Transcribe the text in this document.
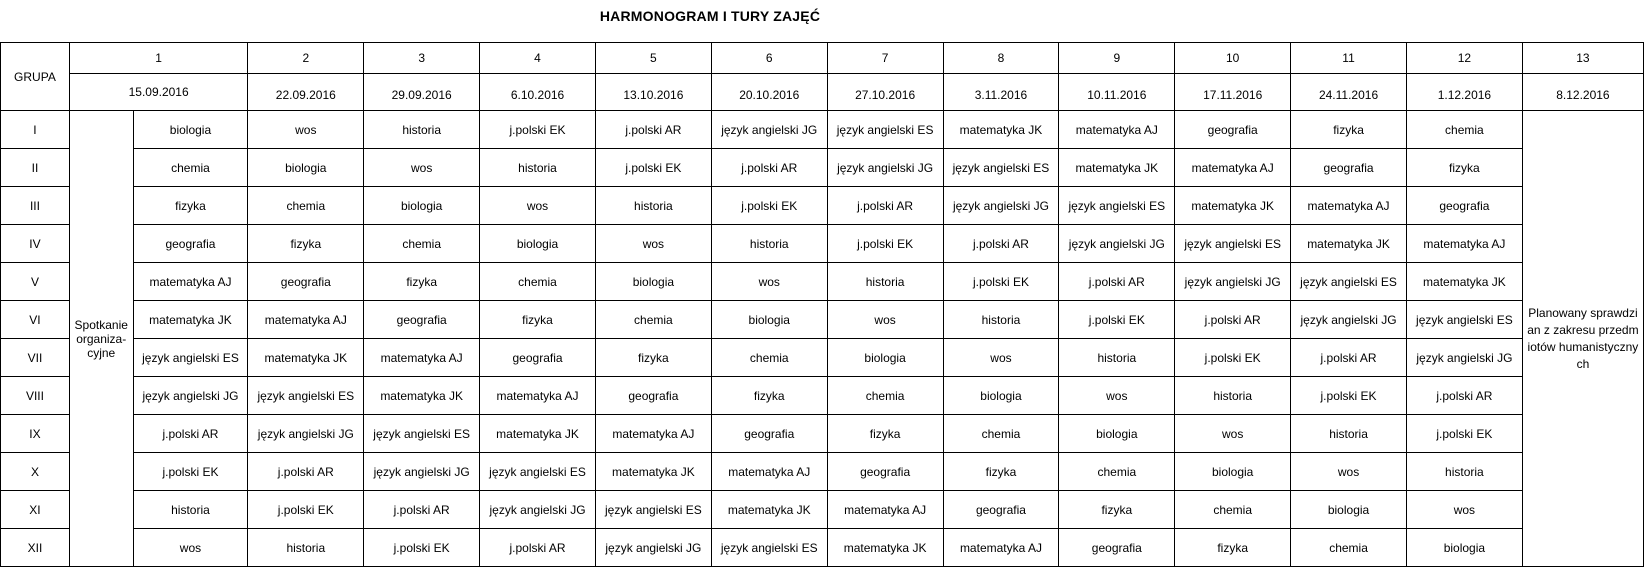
HARMONOGRAM I TURY ZAJĘĆ
GRUPA	1		2	3	4	5	6	7	8	9	10	11	12	13
	15.09.2016		22.09.2016	29.09.2016	6.10.2016	13.10.2016	20.10.2016	27.10.2016	3.11.2016	10.11.2016	17.11.2016	24.11.2016	1.12.2016	8.12.2016
I	Spotkanie organiza-cyjne	biologia	wos	historia	j.polski EK	j.polski AR	język angielski JG	język angielski ES	matematyka JK	matematyka AJ	geografia	fizyka	chemia	Planowany sprawdzian z zakresu przedmiotów humanistycznych
II		chemia	biologia	wos	historia	j.polski EK	j.polski AR	język angielski JG	język angielski ES	matematyka JK	matematyka AJ	geografia	fizyka	
III		fizyka	chemia	biologia	wos	historia	j.polski EK	j.polski AR	język angielski JG	język angielski ES	matematyka JK	matematyka AJ	geografia	
IV		geografia	fizyka	chemia	biologia	wos	historia	j.polski EK	j.polski AR	język angielski JG	język angielski ES	matematyka JK	matematyka AJ	
V		matematyka AJ	geografia	fizyka	chemia	biologia	wos	historia	j.polski EK	j.polski AR	język angielski JG	język angielski ES	matematyka JK	
VI		matematyka JK	matematyka AJ	geografia	fizyka	chemia	biologia	wos	historia	j.polski EK	j.polski AR	język angielski JG	język angielski ES	
VII		język angielski ES	matematyka JK	matematyka AJ	geografia	fizyka	chemia	biologia	wos	historia	j.polski EK	j.polski AR	język angielski JG	
VIII		język angielski JG	język angielski ES	matematyka JK	matematyka AJ	geografia	fizyka	chemia	biologia	wos	historia	j.polski EK	j.polski AR	
IX		j.polski AR	język angielski JG	język angielski ES	matematyka JK	matematyka AJ	geografia	fizyka	chemia	biologia	wos	historia	j.polski EK	
X		j.polski EK	j.polski AR	język angielski JG	język angielski ES	matematyka JK	matematyka AJ	geografia	fizyka	chemia	biologia	wos	historia	
XI		historia	j.polski EK	j.polski AR	język angielski JG	język angielski ES	matematyka JK	matematyka AJ	geografia	fizyka	chemia	biologia	wos	
XII		wos	historia	j.polski EK	j.polski AR	język angielski JG	język angielski ES	matematyka JK	matematyka AJ	geografia	fizyka	chemia	biologia	
